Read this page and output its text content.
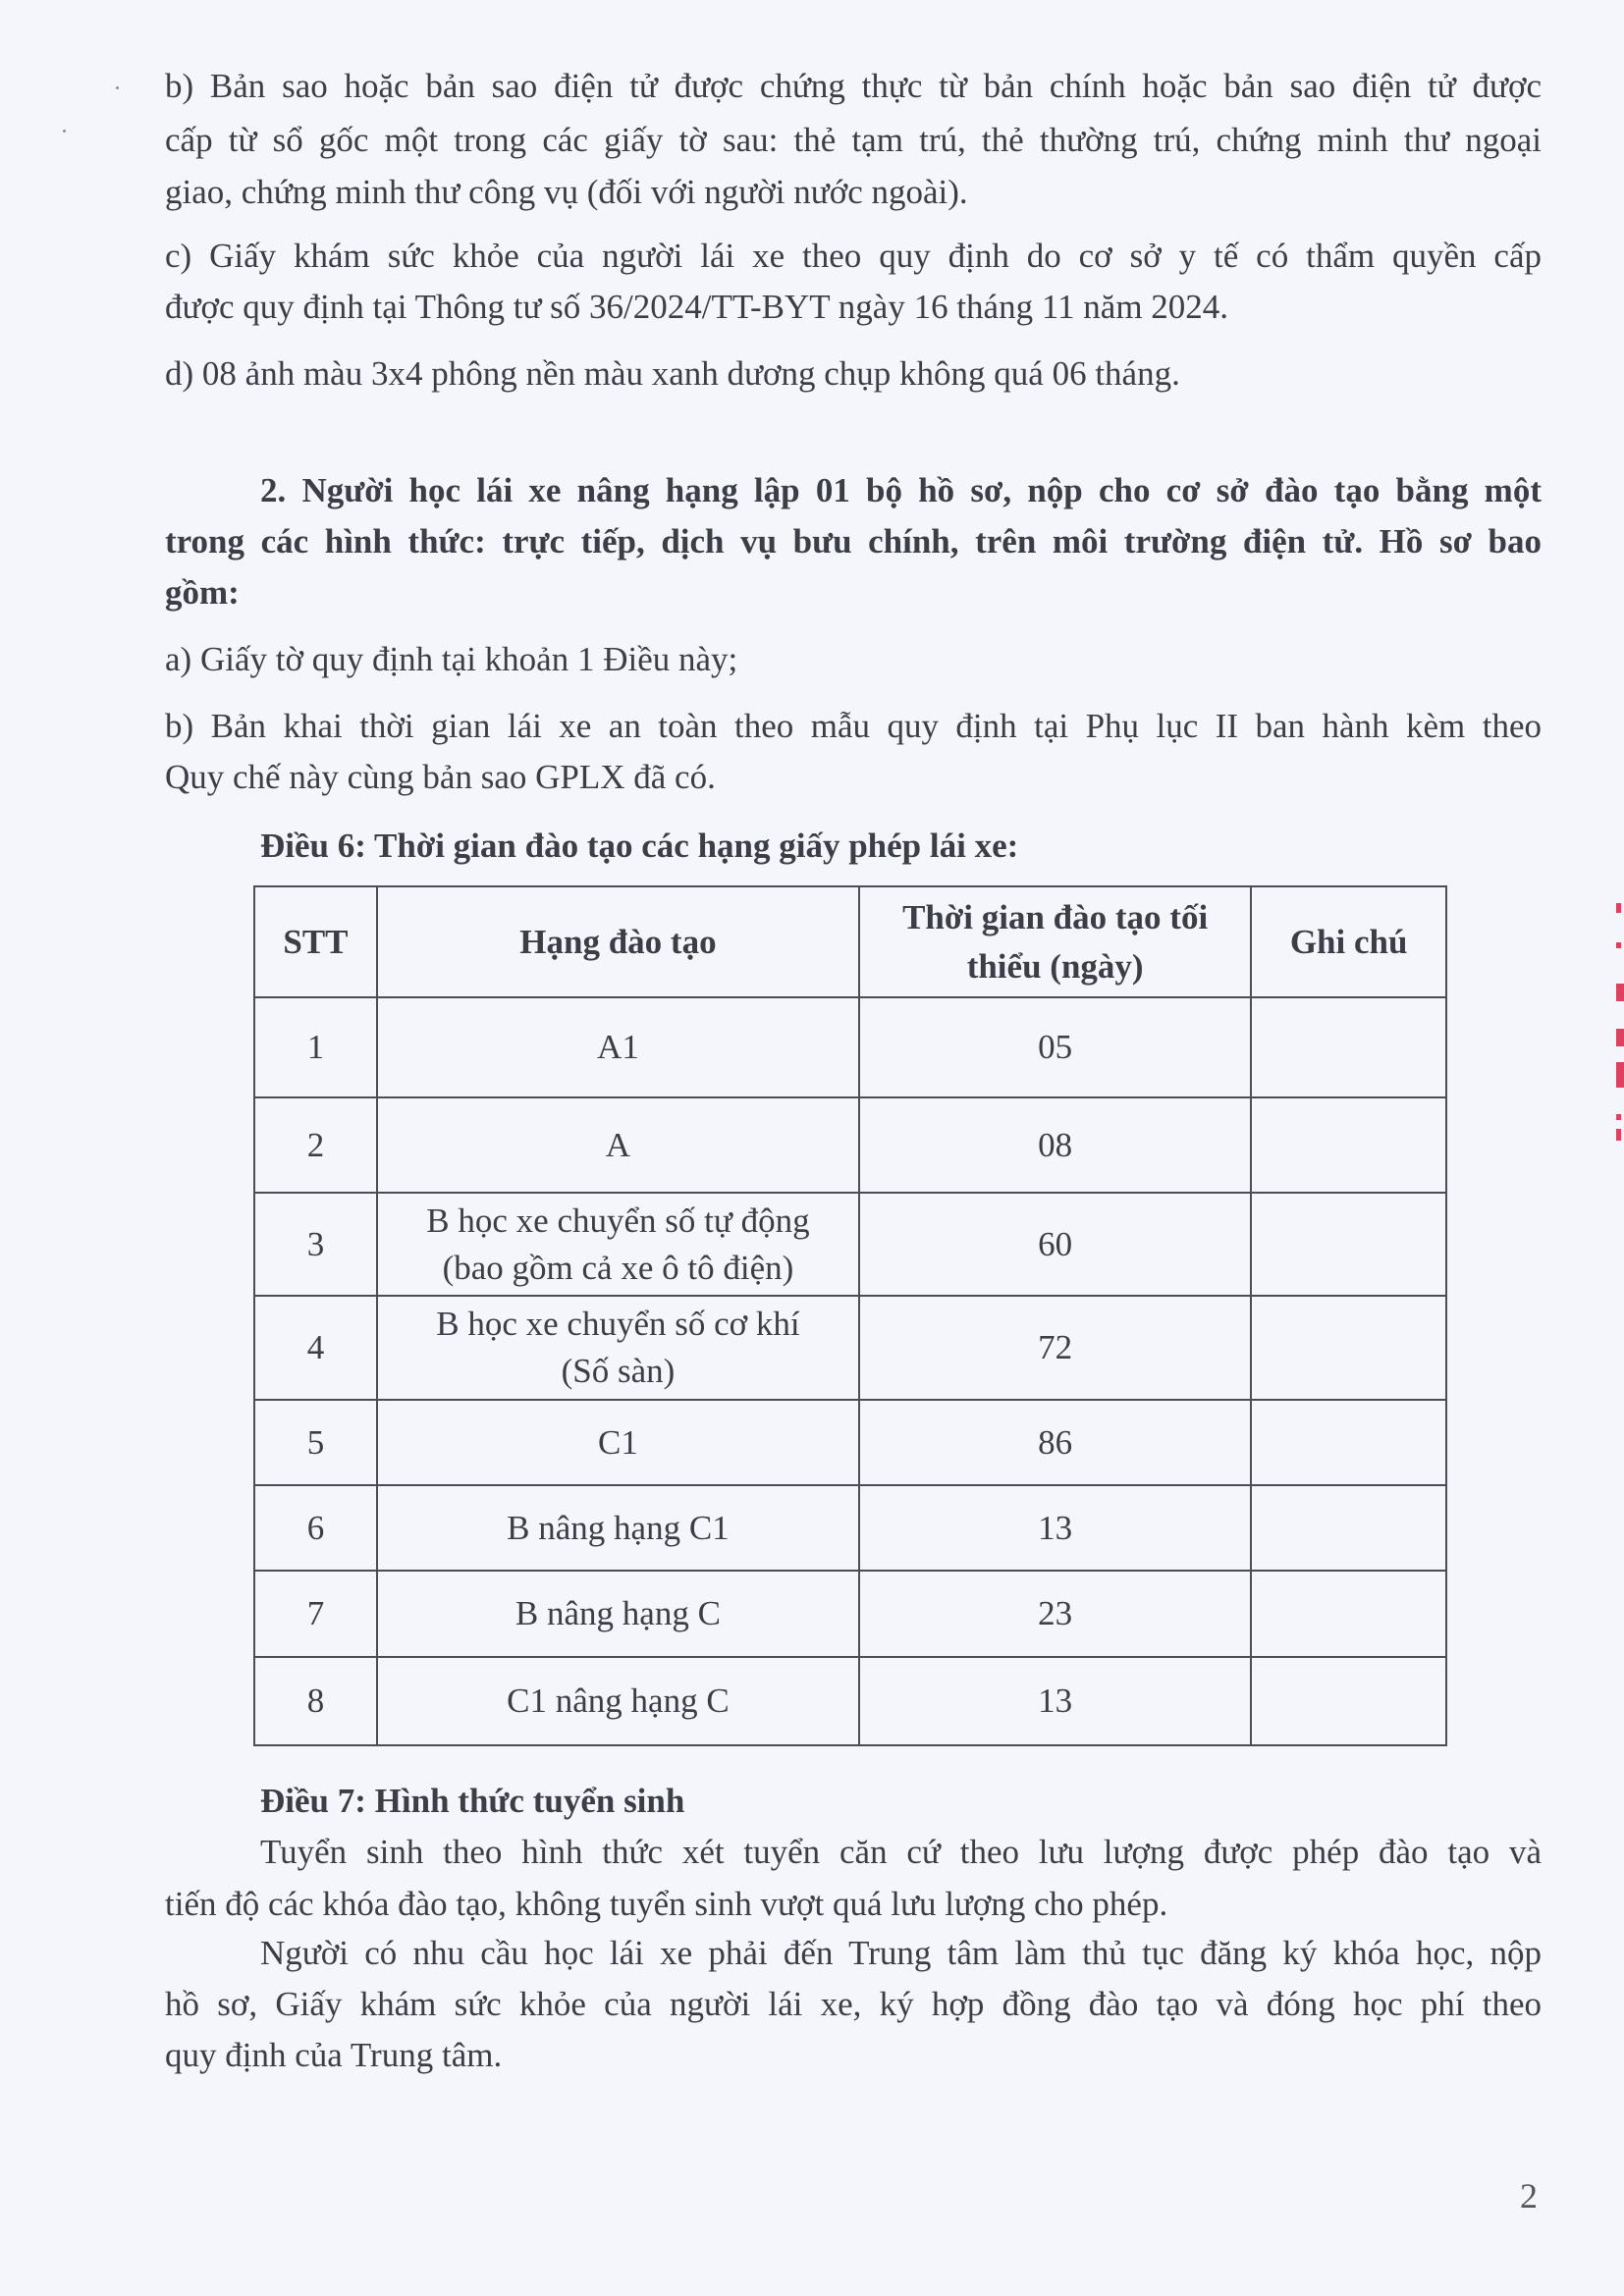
b) Bản sao hoặc bản sao điện tử được chứng thực từ bản chính hoặc bản sao điện tử được
cấp từ sổ gốc một trong các giấy tờ sau: thẻ tạm trú, thẻ thường trú, chứng minh thư ngoại
giao, chứng minh thư công vụ (đối với người nước ngoài).
c) Giấy khám sức khỏe của người lái xe theo quy định do cơ sở y tế có thẩm quyền cấp
được quy định tại Thông tư số 36/2024/TT-BYT ngày 16 tháng 11 năm 2024.
d) 08 ảnh màu 3x4 phông nền màu xanh dương chụp không quá 06 tháng.
2. Người học lái xe nâng hạng lập 01 bộ hồ sơ, nộp cho cơ sở đào tạo bằng một
trong các hình thức: trực tiếp, dịch vụ bưu chính, trên môi trường điện tử. Hồ sơ bao
gồm:
a) Giấy tờ quy định tại khoản 1 Điều này;
b) Bản khai thời gian lái xe an toàn theo mẫu quy định tại Phụ lục II ban hành kèm theo
Quy chế này cùng bản sao GPLX đã có.
Điều 6: Thời gian đào tạo các hạng giấy phép lái xe:
STT	Hạng đào tạo	Thời gian đào tạo tối
thiểu (ngày)	Ghi chú
1	A1	05	
2	A	08	
3	B học xe chuyển số tự động
(bao gồm cả xe ô tô điện)	60	
4	B học xe chuyển số cơ khí
(Số sàn)	72	
5	C1	86	
6	B nâng hạng C1	13	
7	B nâng hạng C	23	
8	C1 nâng hạng C	13	
Điều 7: Hình thức tuyển sinh
Tuyển sinh theo hình thức xét tuyển căn cứ theo lưu lượng được phép đào tạo và
tiến độ các khóa đào tạo, không tuyển sinh vượt quá lưu lượng cho phép.
Người có nhu cầu học lái xe phải đến Trung tâm làm thủ tục đăng ký khóa học, nộp
hồ sơ, Giấy khám sức khỏe của người lái xe, ký hợp đồng đào tạo và đóng học phí theo
quy định của Trung tâm.
2
